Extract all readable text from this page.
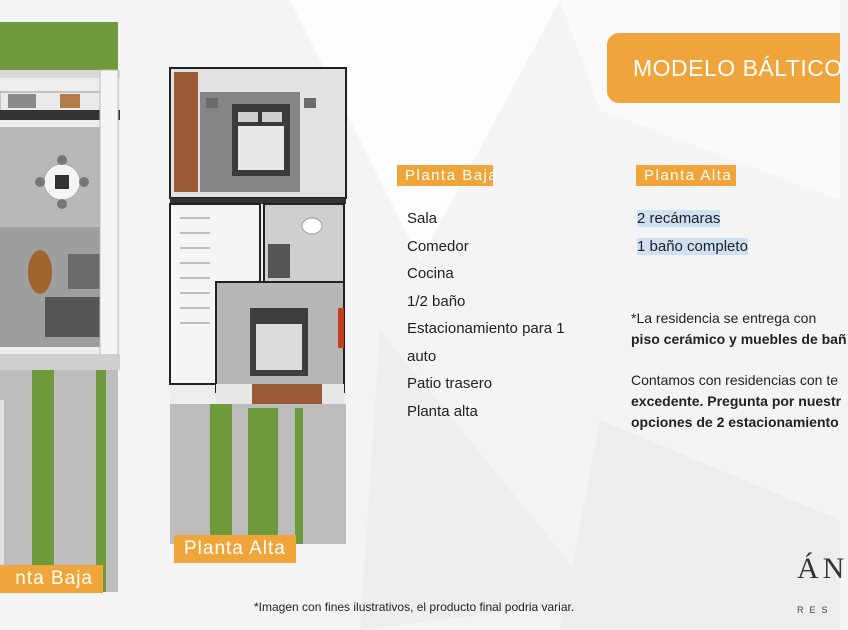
nta Baja
Planta Alta
MODELO BÁLTICO
Planta Baja	Planta Alta
Sala
Comedor
Cocina
1/2 baño
Estacionamiento para 1
auto
Patio trasero
Planta alta
2 recámaras
1 baño completo
*La residencia se entrega con
piso cerámico y muebles de bañ
Contamos con residencias con te
excedente. Pregunta por nuestr
opciones de 2 estacionamiento
*Imagen con fines ilustrativos, el producto final podria variar.
ÁN
RES
